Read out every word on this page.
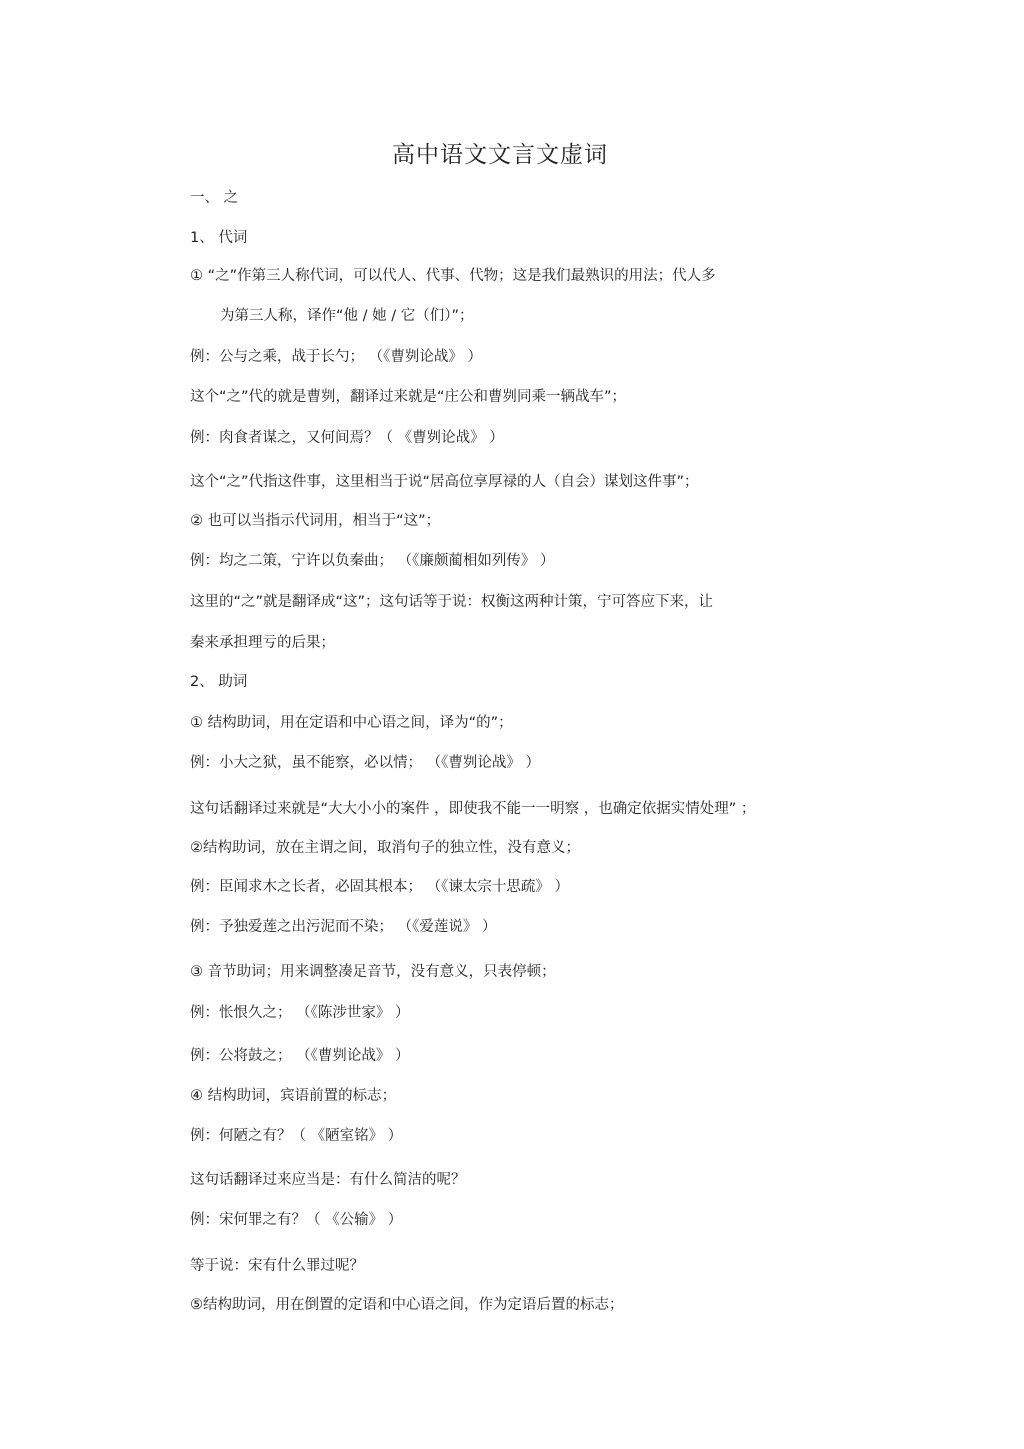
高中语文文言文虚词
一、 之
1、 代词
① “之”作第三人称代词，可以代人、代事、代物；这是我们最熟识的用法；代人多
为第三人称，译作“他 / 她 / 它（们）”；
例：公与之乘，战于长勺； （《曹刿论战》 ）
这个“之”代的就是曹刿，翻译过来就是“庄公和曹刿同乘一辆战车”；
例：肉食者谋之，又何间焉？（ 《曹刿论战》 ）
这个“之”代指这件事，这里相当于说“居高位享厚禄的人（自会）谋划这件事”；
② 也可以当指示代词用，相当于“这”；
例：均之二策，宁许以负秦曲； （《廉颇蔺相如列传》 ）
这里的“之”就是翻译成“这”；这句话等于说：权衡这两种计策，宁可答应下来，让
秦来承担理亏的后果；
2、 助词
① 结构助词，用在定语和中心语之间，译为“的”；
例：小大之狱，虽不能察，必以情； （《曹刿论战》 ）
这句话翻译过来就是“大大小小的案件 ，即使我不能一一明察 ，也确定依据实情处理” ；
②结构助词，放在主谓之间，取消句子的独立性，没有意义；
例：臣闻求木之长者，必固其根本； （《谏太宗十思疏》 ）
例：予独爱莲之出污泥而不染； （《爱莲说》 ）
③ 音节助词；用来调整凑足音节，没有意义，只表停顿；
例：怅恨久之； （《陈涉世家》 ）
例：公将鼓之； （《曹刿论战》 ）
④ 结构助词，宾语前置的标志；
例：何陋之有？（ 《陋室铭》 ）
这句话翻译过来应当是：有什么简洁的呢？
例：宋何罪之有？（ 《公输》 ）
等于说：宋有什么罪过呢？
⑤结构助词，用在倒置的定语和中心语之间，作为定语后置的标志；
